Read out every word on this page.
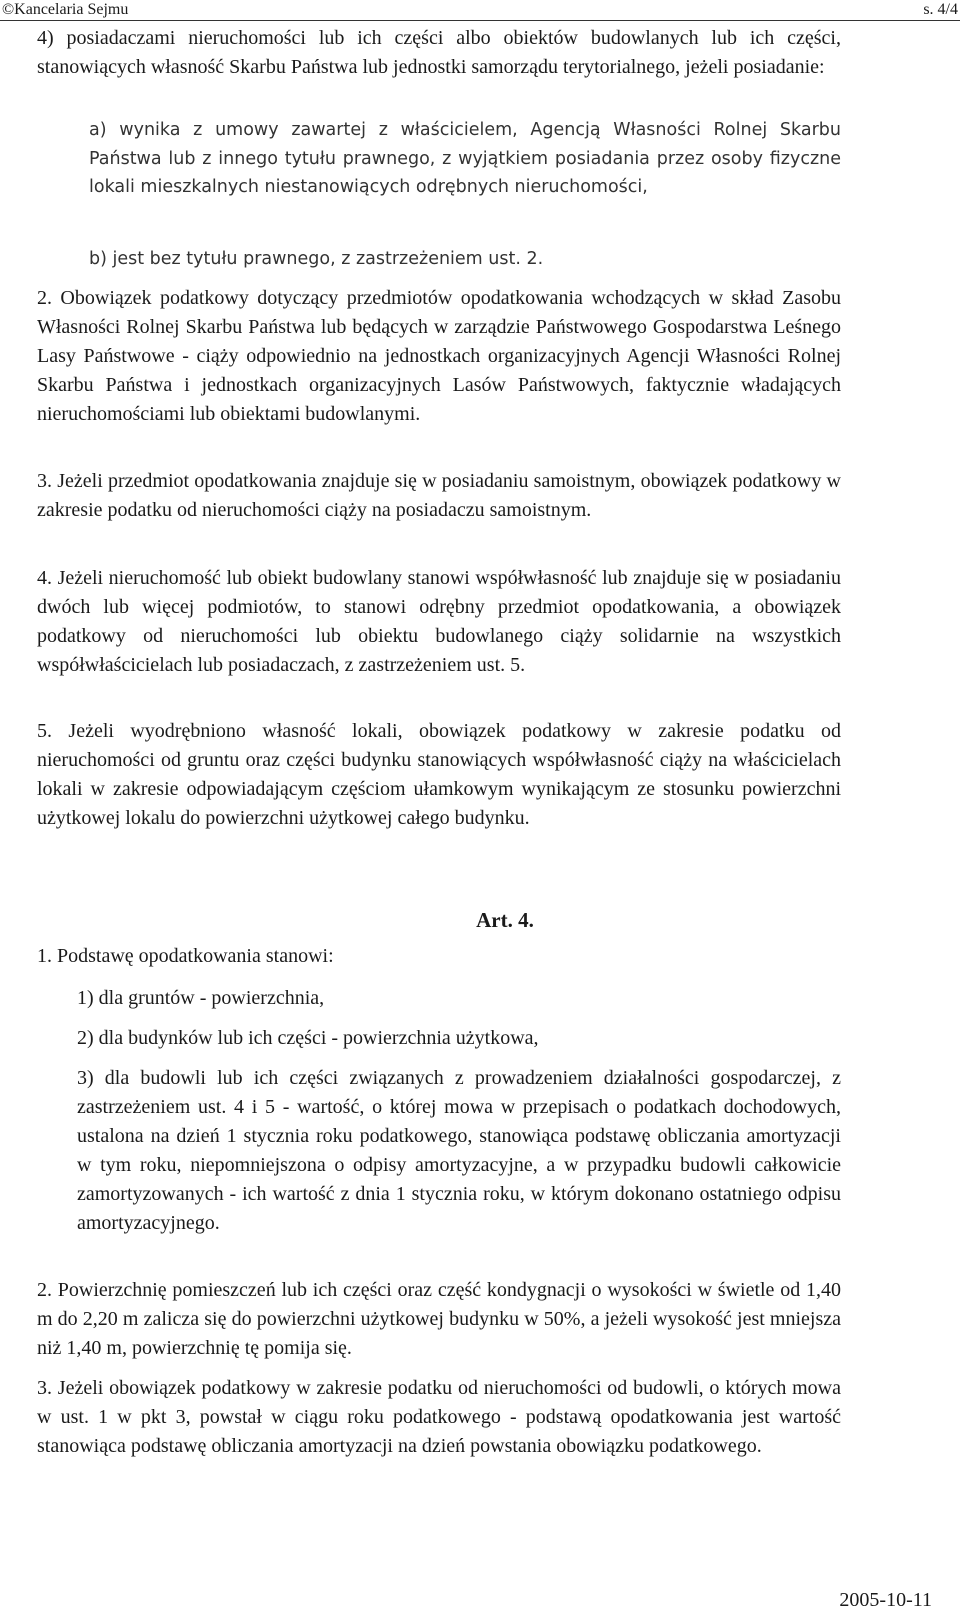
©Kancelaria Sejmu	s. 4/4

4) posiadaczami nieruchomości lub ich części albo obiektów budowlanych lub ich części, stanowiących własność Skarbu Państwa lub jednostki samorządu terytorialnego, jeżeli posiadanie:

a) wynika z umowy zawartej z właścicielem, Agencją Własności Rolnej Skarbu Państwa lub z innego tytułu prawnego, z wyjątkiem posiadania przez osoby fizyczne lokali mieszkalnych niestanowiących odrębnych nieruchomości,

b) jest bez tytułu prawnego, z zastrzeżeniem ust. 2.

2. Obowiązek podatkowy dotyczący przedmiotów opodatkowania wchodzących w skład Zasobu Własności Rolnej Skarbu Państwa lub będących w zarządzie Państwowego Gospodarstwa Leśnego Lasy Państwowe - ciąży odpowiednio na jednostkach organizacyjnych Agencji Własności Rolnej Skarbu Państwa i jednostkach organizacyjnych Lasów Państwowych, faktycznie władających nieruchomościami lub obiektami budowlanymi.

3. Jeżeli przedmiot opodatkowania znajduje się w posiadaniu samoistnym, obowiązek podatkowy w zakresie podatku od nieruchomości ciąży na posiadaczu samoistnym.

4. Jeżeli nieruchomość lub obiekt budowlany stanowi współwłasność lub znajduje się w posiadaniu dwóch lub więcej podmiotów, to stanowi odrębny przedmiot opodatkowania, a obowiązek podatkowy od nieruchomości lub obiektu budowlanego ciąży solidarnie na wszystkich współwłaścicielach lub posiadaczach, z zastrzeżeniem ust. 5.

5. Jeżeli wyodrębniono własność lokali, obowiązek podatkowy w zakresie podatku od nieruchomości od gruntu oraz części budynku stanowiących współwłasność ciąży na właścicielach lokali w zakresie odpowiadającym częściom ułamkowym wynikającym ze stosunku powierzchni użytkowej lokalu do powierzchni użytkowej całego budynku.

Art. 4.

1. Podstawę opodatkowania stanowi:

1) dla gruntów - powierzchnia,

2) dla budynków lub ich części - powierzchnia użytkowa,

3) dla budowli lub ich części związanych z prowadzeniem działalności gospodarczej, z zastrzeżeniem ust. 4 i 5 - wartość, o której mowa w przepisach o podatkach dochodowych, ustalona na dzień 1 stycznia roku podatkowego, stanowiąca podstawę obliczania amortyzacji w tym roku, niepomniejszona o odpisy amortyzacyjne, a w przypadku budowli całkowicie zamortyzowanych - ich wartość z dnia 1 stycznia roku, w którym dokonano ostatniego odpisu amortyzacyjnego.

2. Powierzchnię pomieszczeń lub ich części oraz część kondygnacji o wysokości w świetle od 1,40 m do 2,20 m zalicza się do powierzchni użytkowej budynku w 50%, a jeżeli wysokość jest mniejsza niż 1,40 m, powierzchnię tę pomija się.

3. Jeżeli obowiązek podatkowy w zakresie podatku od nieruchomości od budowli, o których mowa w ust. 1 w pkt 3, powstał w ciągu roku podatkowego - podstawą opodatkowania jest wartość stanowiąca podstawę obliczania amortyzacji na dzień powstania obowiązku podatkowego.

2005-10-11
